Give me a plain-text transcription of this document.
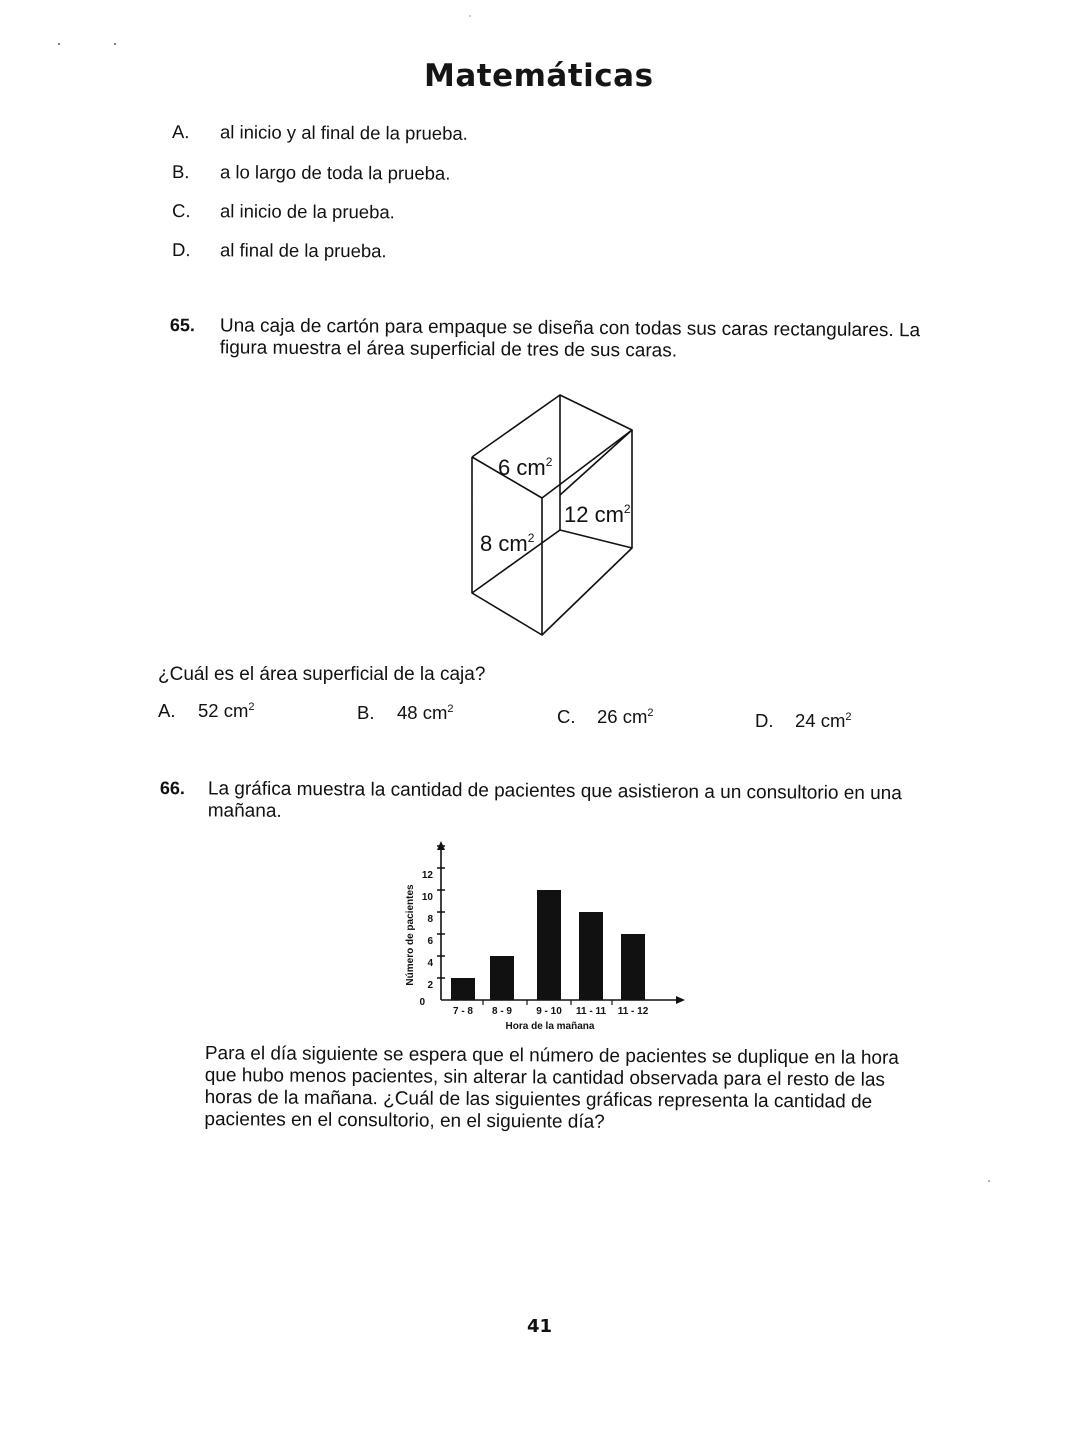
Matemáticas
A. al inicio y al final de la prueba.
B. a lo largo de toda la prueba.
C. al inicio de la prueba.
D. al final de la prueba.
65. Una caja de cartón para empaque se diseña con todas sus caras rectangulares. La
figura muestra el área superficial de tres de sus caras.
6 $cm^2$
12 $cm^2$
8 $cm^2$
¿Cuál es el área superficial de la caja?
A. 52 $cm^2$	B. 48 $cm^2$	C. 26 $cm^2$	D. 24 $cm^2$
66. La gráfica muestra la cantidad de pacientes que asistieron a un consultorio en una
mañana.
0
2
4
6
8
10
12
7 - 8 8 - 9 9 - 10 11 - 11 11 - 12
Hora de la mañana
Número de pacientes
Para el día siguiente se espera que el número de pacientes se duplique en la hora
que hubo menos pacientes, sin alterar la cantidad observada para el resto de las
horas de la mañana. ¿Cuál de las siguientes gráficas representa la cantidad de
pacientes en el consultorio, en el siguiente día?
41
